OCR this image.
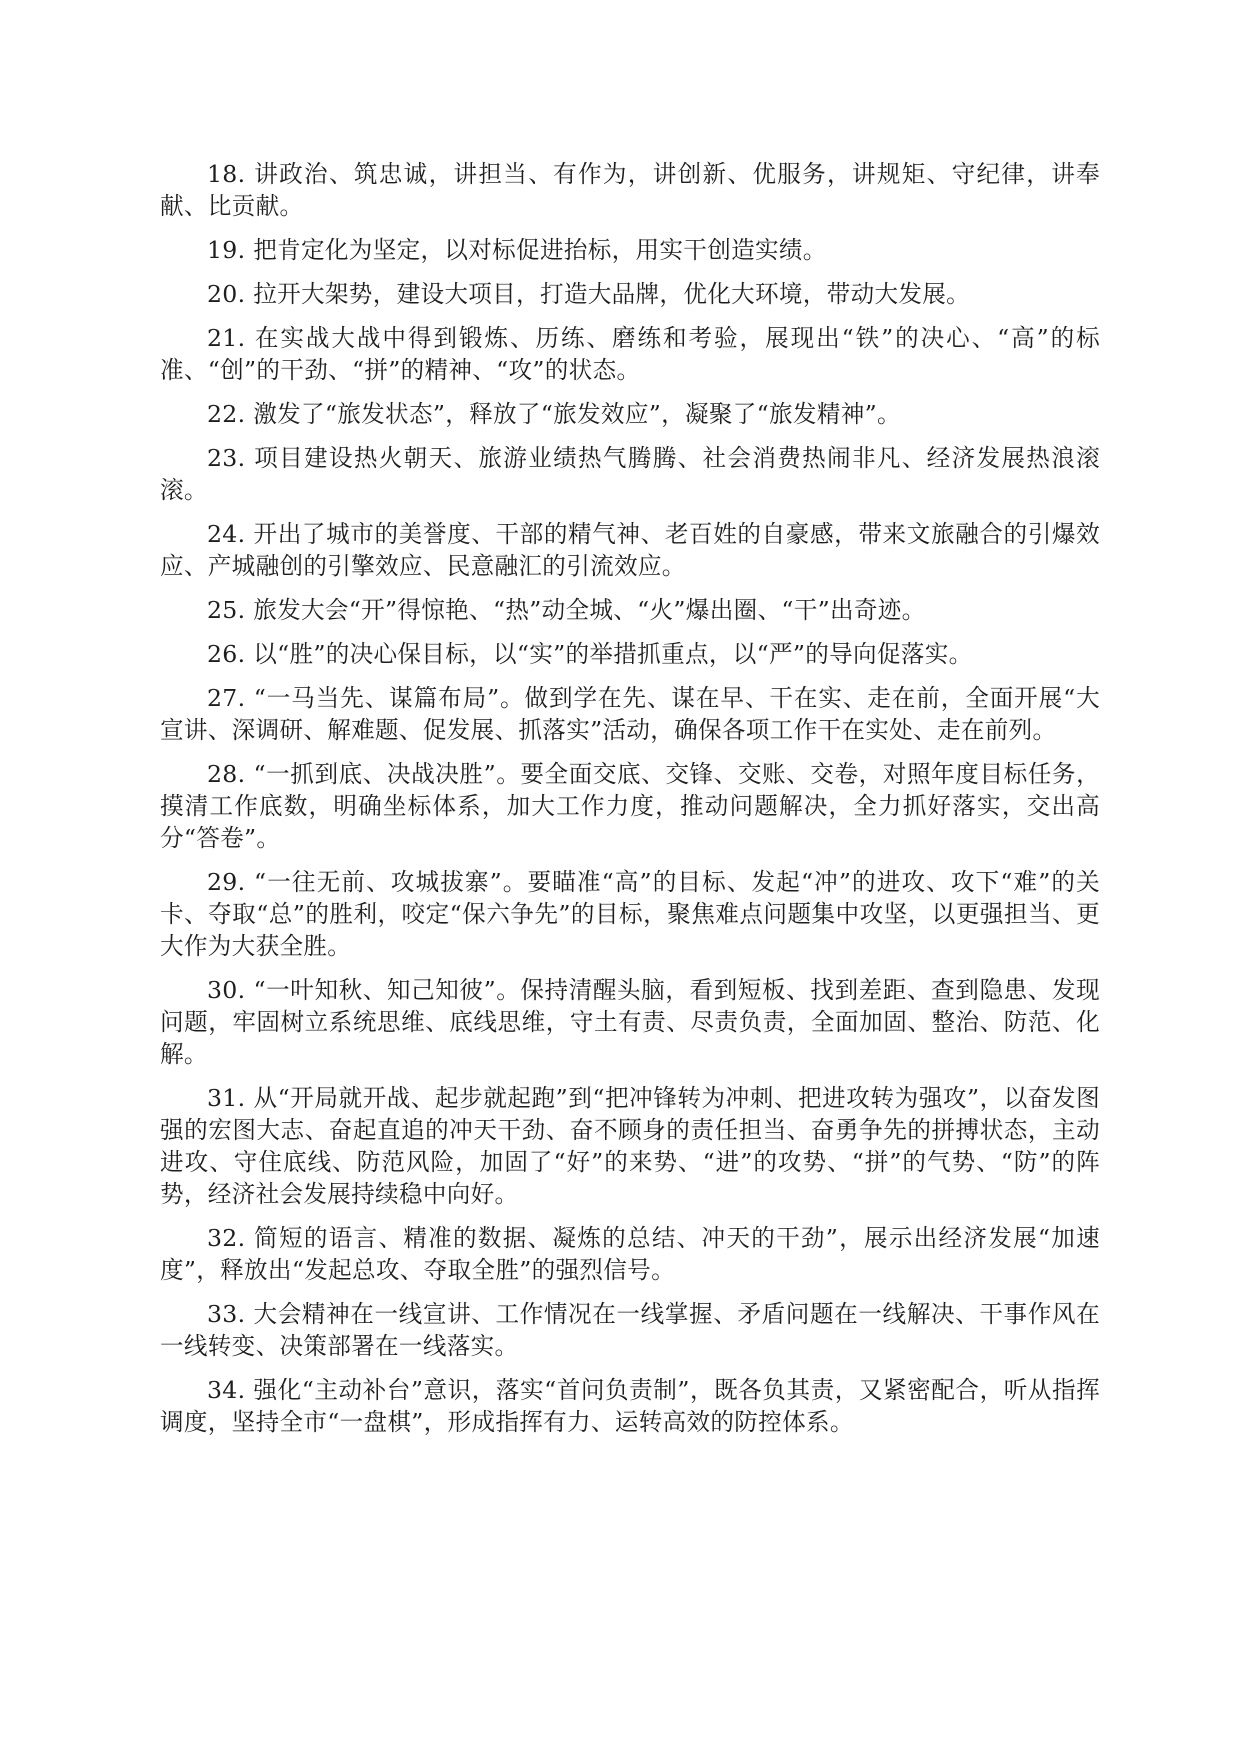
18. 讲政治、筑忠诚，讲担当、有作为，讲创新、优服务，讲规矩、守纪律，讲奉献、比贡献。

19. 把肯定化为坚定，以对标促进抬标，用实干创造实绩。

20. 拉开大架势，建设大项目，打造大品牌，优化大环境，带动大发展。

21. 在实战大战中得到锻炼、历练、磨练和考验，展现出“铁”的决心、“高”的标准、“创”的干劲、“拼”的精神、“攻”的状态。

22. 激发了“旅发状态”，释放了“旅发效应”，凝聚了“旅发精神”。

23. 项目建设热火朝天、旅游业绩热气腾腾、社会消费热闹非凡、经济发展热浪滚滚。

24. 开出了城市的美誉度、干部的精气神、老百姓的自豪感，带来文旅融合的引爆效应、产城融创的引擎效应、民意融汇的引流效应。

25. 旅发大会“开”得惊艳、“热”动全城、“火”爆出圈、“干”出奇迹。

26. 以“胜”的决心保目标，以“实”的举措抓重点，以“严”的导向促落实。

27. “一马当先、谋篇布局”。做到学在先、谋在早、干在实、走在前，全面开展“大宣讲、深调研、解难题、促发展、抓落实”活动，确保各项工作干在实处、走在前列。

28. “一抓到底、决战决胜”。要全面交底、交锋、交账、交卷，对照年度目标任务，摸清工作底数，明确坐标体系，加大工作力度，推动问题解决，全力抓好落实，交出高分“答卷”。

29. “一往无前、攻城拔寨”。要瞄准“高”的目标、发起“冲”的进攻、攻下“难”的关卡、夺取“总”的胜利，咬定“保六争先”的目标，聚焦难点问题集中攻坚，以更强担当、更大作为大获全胜。

30. “一叶知秋、知己知彼”。保持清醒头脑，看到短板、找到差距、查到隐患、发现问题，牢固树立系统思维、底线思维，守土有责、尽责负责，全面加固、整治、防范、化解。

31. 从“开局就开战、起步就起跑”到“把冲锋转为冲刺、把进攻转为强攻”，以奋发图强的宏图大志、奋起直追的冲天干劲、奋不顾身的责任担当、奋勇争先的拼搏状态，主动进攻、守住底线、防范风险，加固了“好”的来势、“进”的攻势、“拼”的气势、“防”的阵势，经济社会发展持续稳中向好。

32. 简短的语言、精准的数据、凝炼的总结、冲天的干劲”，展示出经济发展“加速度”，释放出“发起总攻、夺取全胜”的强烈信号。

33. 大会精神在一线宣讲、工作情况在一线掌握、矛盾问题在一线解决、干事作风在一线转变、决策部署在一线落实。

34. 强化“主动补台”意识，落实“首问负责制”，既各负其责，又紧密配合，听从指挥调度，坚持全市“一盘棋”，形成指挥有力、运转高效的防控体系。
